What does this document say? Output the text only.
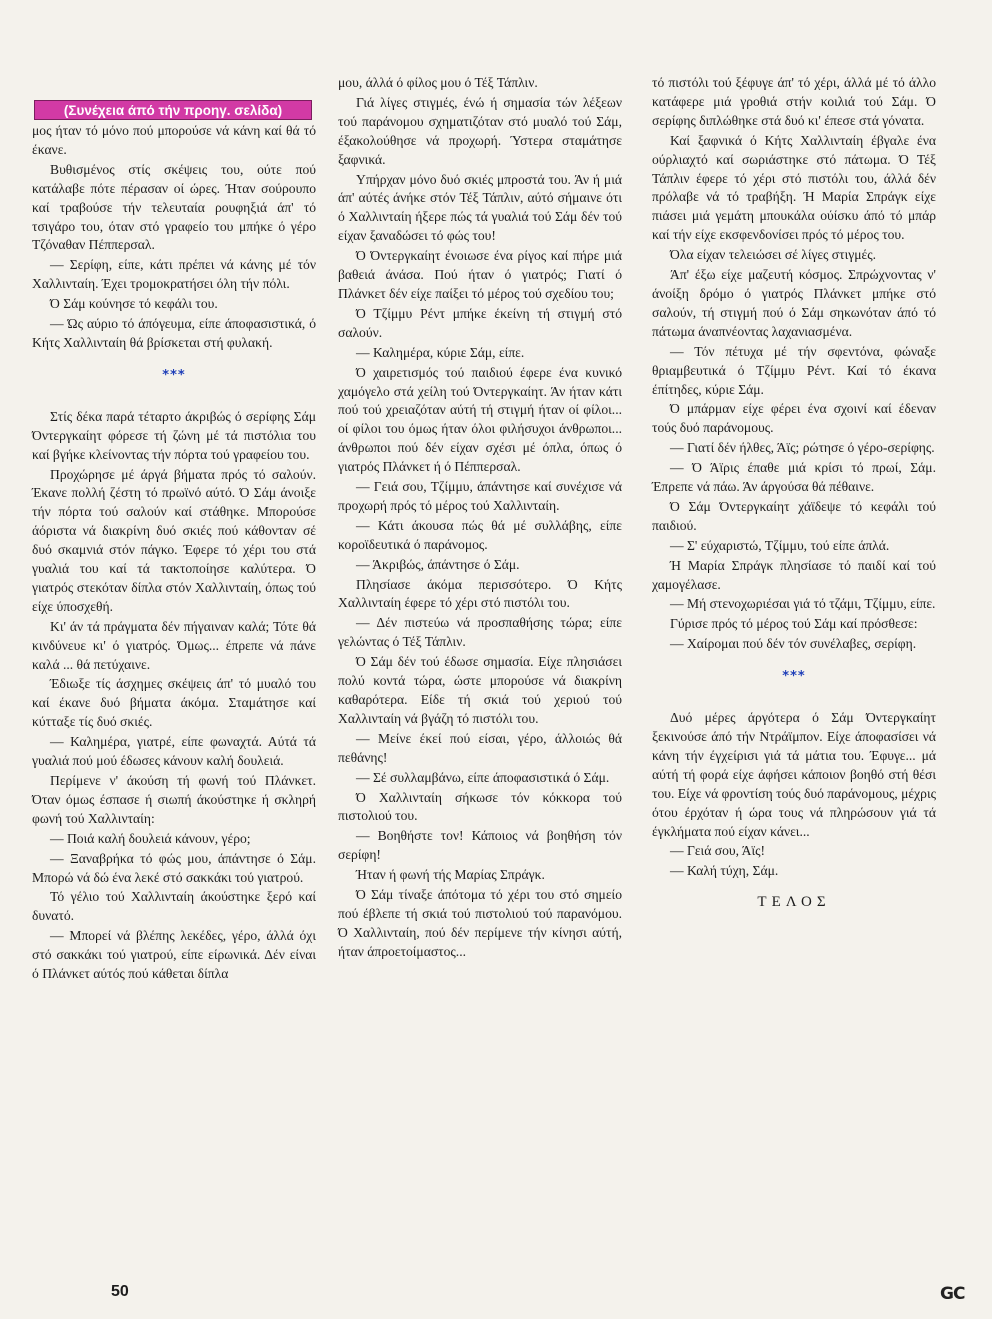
(Συνέχεια άπό τήν προηγ. σελίδα)

μος ήταν τό μόνο πού μπορούσε νά κάνη καί θά τό έκανε.

Βυθισμένος στίς σκέψεις του, ούτε πού κατάλαβε πότε πέρασαν οί ώρες. Ήταν σούρουπο καί τραβούσε τήν τελευταία ρουφηξιά άπ' τό τσιγάρο του, όταν στό γραφείο του μπήκε ό γέρο Τζόναθαν Πέππερσαλ.

— Σερίφη, είπε, κάτι πρέπει νά κάνης μέ τόν Χαλλινταίη. Έχει τρομοκρατήσει όλη τήν πόλι.

Ό Σάμ κούνησε τό κεφάλι του.

— Ώς αύριο τό άπόγευμα, είπε άποφασιστικά, ό Κήτς Χαλλινταίη θά βρίσκεται στή φυλακή.

***

Στίς δέκα παρά τέταρτο άκριβώς ό σερίφης Σάμ Όντεργκαίητ φόρεσε τή ζώνη μέ τά πιστόλια του καί βγήκε κλείνοντας τήν πόρτα τού γραφείου του.

Προχώρησε μέ άργά βήματα πρός τό σαλούν. Έκανε πολλή ζέστη τό πρωϊνό αύτό. Ό Σάμ άνοιξε τήν πόρτα τού σαλούν καί στάθηκε. Μπορούσε άόριστα νά διακρίνη δυό σκιές πού κάθονταν σέ δυό σκαμνιά στόν πάγκο. Έφερε τό χέρι του στά γυαλιά του καί τά τακτοποίησε καλύτερα. Ό γιατρός στεκόταν δίπλα στόν Χαλλινταίη, όπως τού είχε ύποσχεθή.

Κι' άν τά πράγματα δέν πήγαιναν καλά; Τότε θά κινδύνευε κι' ό γιατρός. Όμως... έπρεπε νά πάνε καλά ... θά πετύχαινε.

Έδιωξε τίς άσχημες σκέψεις άπ' τό μυαλό του καί έκανε δυό βήματα άκόμα. Σταμάτησε καί κύτταξε τίς δυό σκιές.

— Καλημέρα, γιατρέ, είπε φωναχτά. Αύτά τά γυαλιά πού μού έδωσες κάνουν καλή δουλειά.

Περίμενε ν' άκούση τή φωνή τού Πλάνκετ. Όταν όμως έσπασε ή σιωπή άκούστηκε ή σκληρή φωνή τού Χαλλινταίη:

— Ποιά καλή δουλειά κάνουν, γέρο;

— Ξαναβρήκα τό φώς μου, άπάντησε ό Σάμ. Μπορώ νά δώ ένα λεκέ στό σακκάκι τού γιατρού.

Τό γέλιο τού Χαλλινταίη άκούστηκε ξερό καί δυνατό.

— Μπορεί νά βλέπης λεκέδες, γέρο, άλλά όχι στό σακκάκι τού γιατρού, είπε είρωνικά. Δέν είναι ό Πλάνκετ αύτός πού κάθεται δίπλα

μου, άλλά ό φίλος μου ό Τέξ Τάπλιν.

Γιά λίγες στιγμές, ένώ ή σημασία τών λέξεων τού παράνομου σχηματιζόταν στό μυαλό τού Σάμ, έξακολούθησε νά προχωρή. Ύστερα σταμάτησε ξαφνικά.

Υπήρχαν μόνο δυό σκιές μπροστά του. Άν ή μιά άπ' αύτές άνήκε στόν Τέξ Τάπλιν, αύτό σήμαινε ότι ό Χαλλινταίη ήξερε πώς τά γυαλιά τού Σάμ δέν τού είχαν ξαναδώσει τό φώς του!

Ό Όντεργκαίητ ένοιωσε ένα ρίγος καί πήρε μιά βαθειά άνάσα. Πού ήταν ό γιατρός; Γιατί ό Πλάνκετ δέν είχε παίξει τό μέρος τού σχεδίου του;

Ό Τζίμμυ Ρέντ μπήκε έκείνη τή στιγμή στό σαλούν.

— Καλημέρα, κύριε Σάμ, είπε.

Ό χαιρετισμός τού παιδιού έφερε ένα κυνικό χαμόγελο στά χείλη τού Όντεργκαίητ. Άν ήταν κάτι πού τού χρειαζόταν αύτή τή στιγμή ήταν οί φίλοι... οί φίλοι του όμως ήταν όλοι φιλήσυχοι άνθρωποι... άνθρωποι πού δέν είχαν σχέσι μέ όπλα, όπως ό γιατρός Πλάνκετ ή ό Πέππερσαλ.

— Γειά σου, Τζίμμυ, άπάντησε καί συνέχισε νά προχωρή πρός τό μέρος τού Χαλλινταίη.

— Κάτι άκουσα πώς θά μέ συλλάβης, είπε κοροϊδευτικά ό παράνομος.

— Άκριβώς, άπάντησε ό Σάμ.

Πλησίασε άκόμα περισσότερο. Ό Κήτς Χαλλινταίη έφερε τό χέρι στό πιστόλι του.

— Δέν πιστεύω νά προσπαθήσης τώρα; είπε γελώντας ό Τέξ Τάπλιν.

Ό Σάμ δέν τού έδωσε σημασία. Είχε πλησιάσει πολύ κοντά τώρα, ώστε μπορούσε νά διακρίνη καθαρότερα. Είδε τή σκιά τού χεριού τού Χαλλινταίη νά βγάζη τό πιστόλι του.

— Μείνε έκεί πού είσαι, γέρο, άλλοιώς θά πεθάνης!

— Σέ συλλαμβάνω, είπε άποφασιστικά ό Σάμ.

Ό Χαλλινταίη σήκωσε τόν κόκκορα τού πιστολιού του.

— Βοηθήστε τον! Κάποιος νά βοηθήση τόν σερίφη!

Ήταν ή φωνή τής Μαρίας Σπράγκ.

Ό Σάμ τίναξε άπότομα τό χέρι του στό σημείο πού έβλεπε τή σκιά τού πιστολιού τού παρανόμου. Ό Χαλλινταίη, πού δέν περίμενε τήν κίνησι αύτή, ήταν άπροετοίμαστος...

τό πιστόλι τού ξέφυγε άπ' τό χέρι, άλλά μέ τό άλλο κατάφερε μιά γροθιά στήν κοιλιά τού Σάμ. Ό σερίφης διπλώθηκε στά δυό κι' έπεσε στά γόνατα.

Καί ξαφνικά ό Κήτς Χαλλινταίη έβγαλε ένα ούρλιαχτό καί σωριάστηκε στό πάτωμα. Ό Τέξ Τάπλιν έφερε τό χέρι στό πιστόλι του, άλλά δέν πρόλαβε νά τό τραβήξη. Ή Μαρία Σπράγκ είχε πιάσει μιά γεμάτη μπουκάλα ούίσκυ άπό τό μπάρ καί τήν είχε εκσφενδονίσει πρός τό μέρος του.

Όλα είχαν τελειώσει σέ λίγες στιγμές.

Άπ' έξω είχε μαζευτή κόσμος. Σπρώχνοντας ν' άνοίξη δρόμο ό γιατρός Πλάνκετ μπήκε στό σαλούν, τή στιγμή πού ό Σάμ σηκωνόταν άπό τό πάτωμα άναπνέοντας λαχανιασμένα.

— Τόν πέτυχα μέ τήν σφεντόνα, φώναξε θριαμβευτικά ό Τζίμμυ Ρέντ. Καί τό έκανα έπίτηδες, κύριε Σάμ.

Ό μπάρμαν είχε φέρει ένα σχοινί καί έδεναν τούς δυό παράνομους.

— Γιατί δέν ήλθες, Άϊς; ρώτησε ό γέρο-σερίφης.

— Ό Άϊρις έπαθε μιά κρίσι τό πρωί, Σάμ. Έπρεπε νά πάω. Άν άργούσα θά πέθαινε.

Ό Σάμ Όντεργκαίητ χάϊδεψε τό κεφάλι τού παιδιού.

— Σ' εύχαριστώ, Τζίμμυ, τού είπε άπλά.

Ή Μαρία Σπράγκ πλησίασε τό παιδί καί τού χαμογέλασε.

— Μή στενοχωριέσαι γιά τό τζάμι, Τζίμμυ, είπε.

Γύρισε πρός τό μέρος τού Σάμ καί πρόσθεσε:

— Χαίρομαι πού δέν τόν συνέλαβες, σερίφη.

***

Δυό μέρες άργότερα ό Σάμ Όντεργκαίητ ξεκινούσε άπό τήν Ντράϊμπον. Είχε άποφασίσει νά κάνη τήν έγχείρισι γιά τά μάτια του. Έφυγε... μά αύτή τή φορά είχε άφήσει κάποιον βοηθό στή θέσι του. Είχε νά φροντίση τούς δυό παράνομους, μέχρις ότου έρχόταν ή ώρα τους νά πληρώσουν γιά τά έγκλήματα πού είχαν κάνει...

— Γειά σου, Άϊς!

— Καλή τύχη, Σάμ.

ΤΕΛΟΣ
50	GC
